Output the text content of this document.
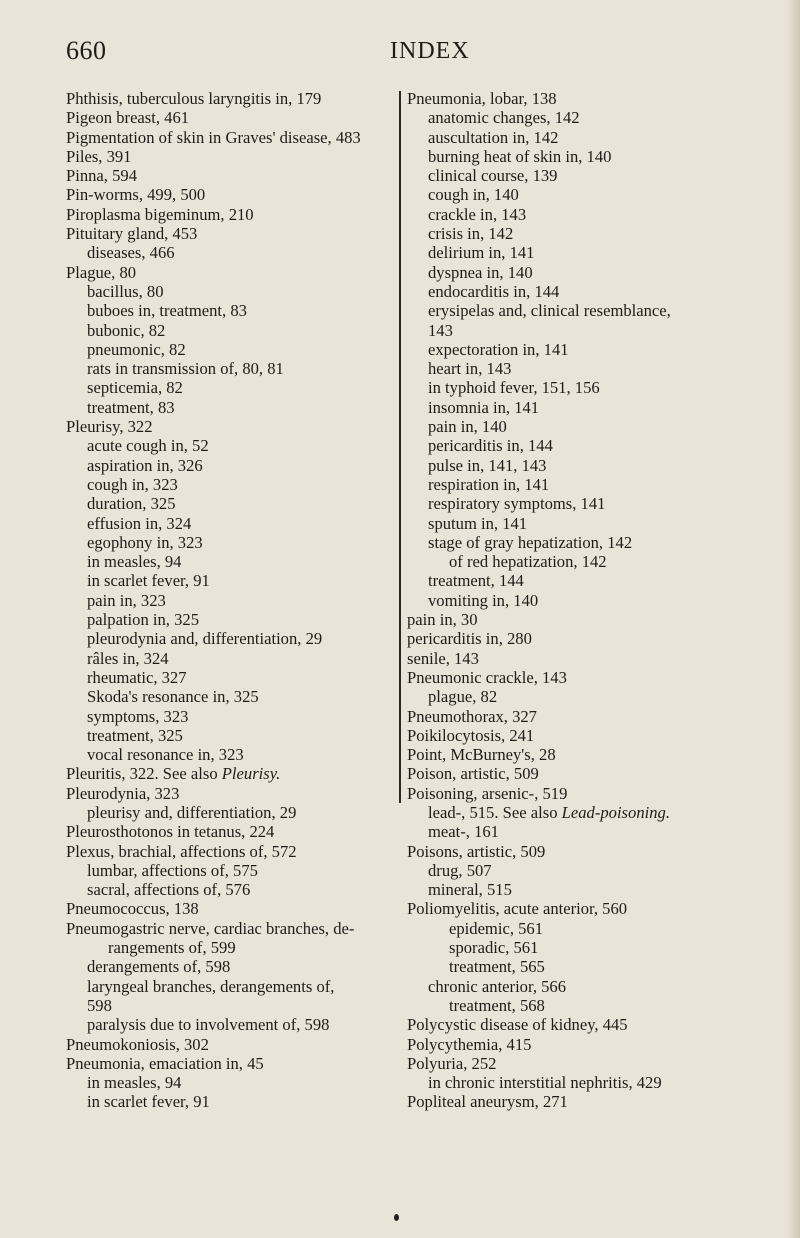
660	INDEX
Phthisis, tuberculous laryngitis in, 179
Pigeon breast, 461
Pigmentation of skin in Graves' disease, 483
Piles, 391
Pinna, 594
Pin-worms, 499, 500
Piroplasma bigeminum, 210
Pituitary gland, 453
diseases, 466
Plague, 80
bacillus, 80
buboes in, treatment, 83
bubonic, 82
pneumonic, 82
rats in transmission of, 80, 81
septicemia, 82
treatment, 83
Pleurisy, 322
acute cough in, 52
aspiration in, 326
cough in, 323
duration, 325
effusion in, 324
egophony in, 323
in measles, 94
in scarlet fever, 91
pain in, 323
palpation in, 325
pleurodynia and, differentiation, 29
râles in, 324
rheumatic, 327
Skoda's resonance in, 325
symptoms, 323
treatment, 325
vocal resonance in, 323
Pleuritis, 322. See also Pleurisy.
Pleurodynia, 323
pleurisy and, differentiation, 29
Pleurosthotonos in tetanus, 224
Plexus, brachial, affections of, 572
lumbar, affections of, 575
sacral, affections of, 576
Pneumococcus, 138
Pneumogastric nerve, cardiac branches, de-
rangements of, 599
derangements of, 598
laryngeal branches, derangements of,
598
paralysis due to involvement of, 598
Pneumokoniosis, 302
Pneumonia, emaciation in, 45
in measles, 94
in scarlet fever, 91
Pneumonia, lobar, 138
anatomic changes, 142
auscultation in, 142
burning heat of skin in, 140
clinical course, 139
cough in, 140
crackle in, 143
crisis in, 142
delirium in, 141
dyspnea in, 140
endocarditis in, 144
erysipelas and, clinical resemblance,
143
expectoration in, 141
heart in, 143
in typhoid fever, 151, 156
insomnia in, 141
pain in, 140
pericarditis in, 144
pulse in, 141, 143
respiration in, 141
respiratory symptoms, 141
sputum in, 141
stage of gray hepatization, 142
of red hepatization, 142
treatment, 144
vomiting in, 140
pain in, 30
pericarditis in, 280
senile, 143
Pneumonic crackle, 143
plague, 82
Pneumothorax, 327
Poikilocytosis, 241
Point, McBurney's, 28
Poison, artistic, 509
Poisoning, arsenic-, 519
lead-, 515. See also Lead-poisoning.
meat-, 161
Poisons, artistic, 509
drug, 507
mineral, 515
Poliomyelitis, acute anterior, 560
epidemic, 561
sporadic, 561
treatment, 565
chronic anterior, 566
treatment, 568
Polycystic disease of kidney, 445
Polycythemia, 415
Polyuria, 252
in chronic interstitial nephritis, 429
Popliteal aneurysm, 271
